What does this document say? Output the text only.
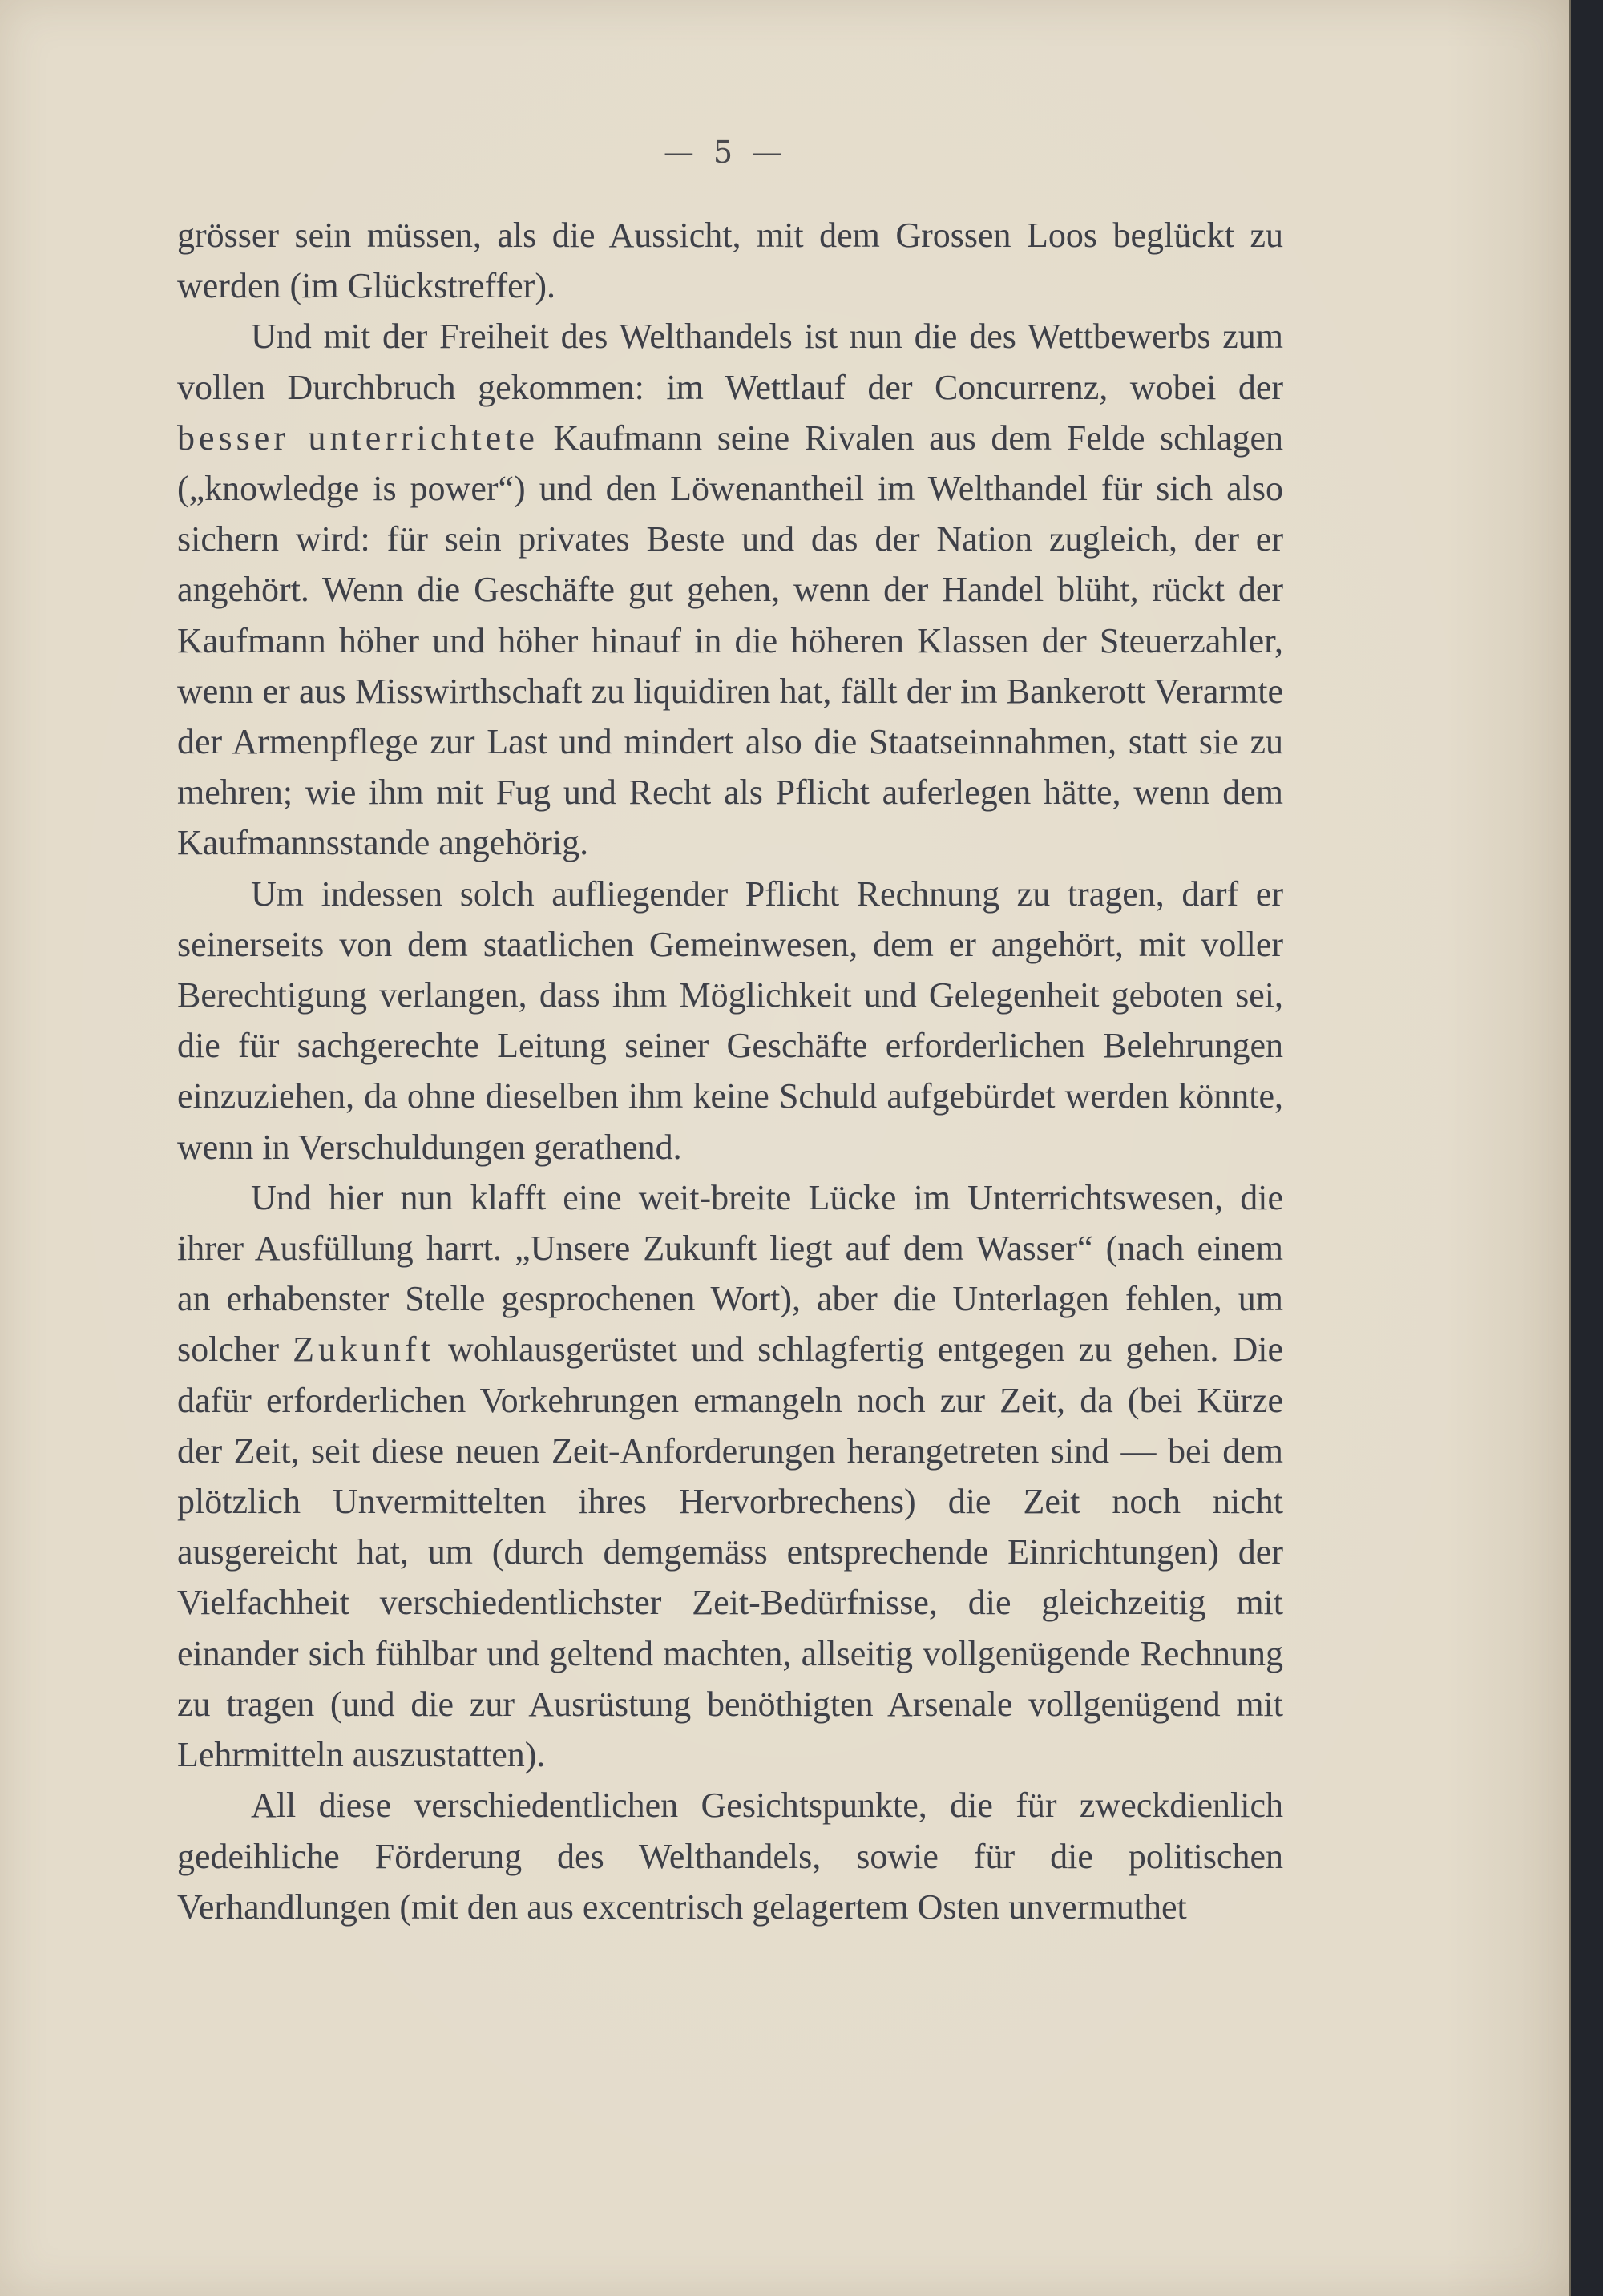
— 5 —

grösser sein müssen, als die Aussicht, mit dem Grossen Loos beglückt zu werden (im Glückstreffer).

Und mit der Freiheit des Welthandels ist nun die des Wettbewerbs zum vollen Durchbruch gekommen: im Wettlauf der Concurrenz, wobei der besser unterrichtete Kaufmann seine Rivalen aus dem Felde schlagen („knowledge is power“) und den Löwenantheil im Welthandel für sich also sichern wird: für sein privates Beste und das der Nation zugleich, der er angehört. Wenn die Geschäfte gut gehen, wenn der Handel blüht, rückt der Kaufmann höher und höher hinauf in die höheren Klassen der Steuerzahler, wenn er aus Misswirthschaft zu liquidiren hat, fällt der im Bankerott Verarmte der Armenpflege zur Last und mindert also die Staatseinnahmen, statt sie zu mehren; wie ihm mit Fug und Recht als Pflicht auferlegen hätte, wenn dem Kaufmannsstande angehörig.

Um indessen solch aufliegender Pflicht Rechnung zu tragen, darf er seinerseits von dem staatlichen Gemeinwesen, dem er angehört, mit voller Berechtigung verlangen, dass ihm Möglichkeit und Gelegenheit geboten sei, die für sachgerechte Leitung seiner Geschäfte erforderlichen Belehrungen einzuziehen, da ohne dieselben ihm keine Schuld aufgebürdet werden könnte, wenn in Verschuldungen gerathend.

Und hier nun klafft eine weit-breite Lücke im Unterrichtswesen, die ihrer Ausfüllung harrt. „Unsere Zukunft liegt auf dem Wasser“ (nach einem an erhabenster Stelle gesprochenen Wort), aber die Unterlagen fehlen, um solcher Zukunft wohlausgerüstet und schlagfertig entgegen zu gehen. Die dafür erforderlichen Vorkehrungen ermangeln noch zur Zeit, da (bei Kürze der Zeit, seit diese neuen Zeit-Anforderungen herangetreten sind — bei dem plötzlich Unvermittelten ihres Hervorbrechens) die Zeit noch nicht ausgereicht hat, um (durch demgemäss entsprechende Einrichtungen) der Vielfachheit verschiedentlichster Zeit-Bedürfnisse, die gleichzeitig mit einander sich fühlbar und geltend machten, allseitig vollgenügende Rechnung zu tragen (und die zur Ausrüstung benöthigten Arsenale vollgenügend mit Lehrmitteln auszustatten).

All diese verschiedentlichen Gesichtspunkte, die für zweckdienlich gedeihliche Förderung des Welthandels, sowie für die politischen Verhandlungen (mit den aus excentrisch gelagertem Osten unvermuthet
